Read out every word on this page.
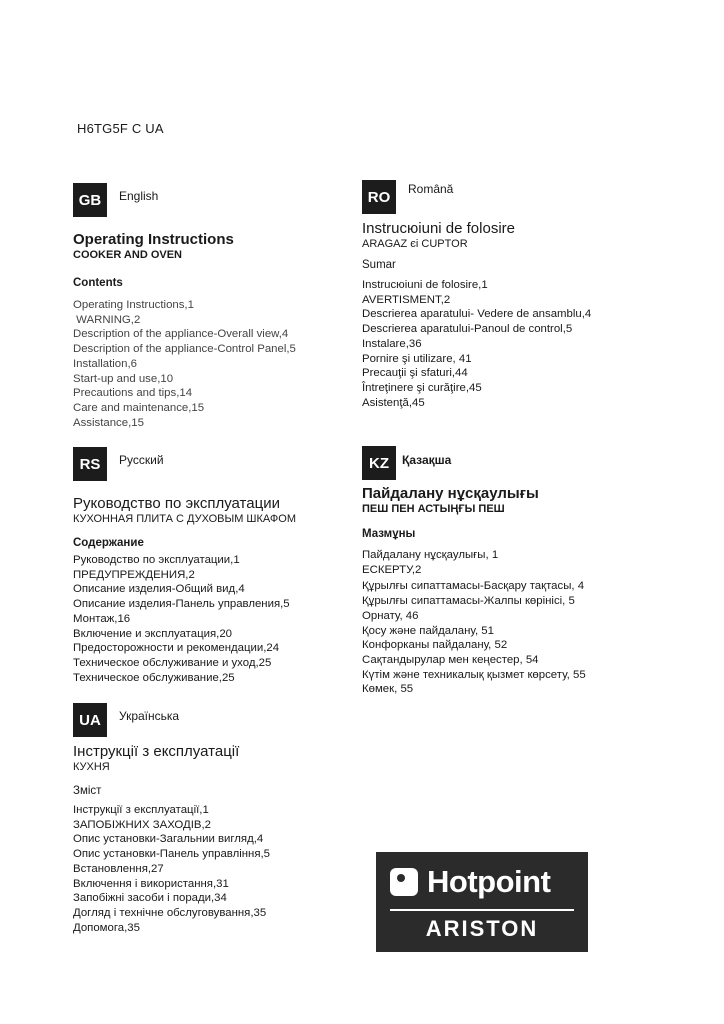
H6TG5F C UA
GB	English
Operating Instructions
COOKER AND OVEN
Contents
Operating Instructions,1
WARNING,2
Description of the appliance-Overall view,4
Description of the appliance-Control Panel,5
Installation,6
Start-up and use,10
Precautions and tips,14
Care and maintenance,15
Assistance,15
RS	Русский
Руководство по эксплуатации
КУХОННАЯ ПЛИТА С ДУХОВЫМ ШКАФОМ
Содержание
Руководство по эксплуатации,1
ПРЕДУПРЕЖДЕНИЯ,2
Описание изделия-Общий вид,4
Описание изделия-Панель управления,5
Монтаж,16
Включение и эксплуатация,20
Предосторожности и рекомендации,24
Техническое обслуживание и уход,25
Техническое обслуживание,25
UA	Українська
Інструкції з експлуатації
КУХНЯ
Зміст
Інструкції з експлуатації,1
ЗАПОБІЖНИХ ЗАХОДІВ,2
Опис установки-Загальнии вигляд,4
Опис установки-Панель управління,5
Встановлення,27
Включення і використання,31
Запобіжні засоби і поради,34
Догляд і технічне обслуговування,35
Допомога,35
RO	Română
Instrucюiuni de folosire
ARAGAZ єі CUPTOR
Sumar
Instrucюiuni de folosire,1
AVERTISMENT,2
Descrierea aparatului- Vedere de ansamblu,4
Descrierea aparatului-Panoul de control,5
Instalare,36
Pornire şi utilizare, 41
Precauţii şi sfaturi,44
Întreţinere şi curăţire,45
Asistenţă,45
KZ	Қазақша
Пайдалану нұсқаулығы
ПЕШ ПЕН АСТЫҢҒЫ ПЕШ
Мазмұны
Пайдалану нұсқаулығы, 1
ЕСКЕРТУ,2
Құрылғы сипаттамасы-Басқару тақтасы, 4
Құрылғы сипаттамасы-Жалпы көрінісі, 5
Орнату, 46
Қосу және пайдалану, 51
Конфорканы пайдалану, 52
Сақтандырулар мен кеңестер, 54
Күтім және техникалық қызмет көрсету, 55
Көмек, 55
Hotpoint
ARISTON
